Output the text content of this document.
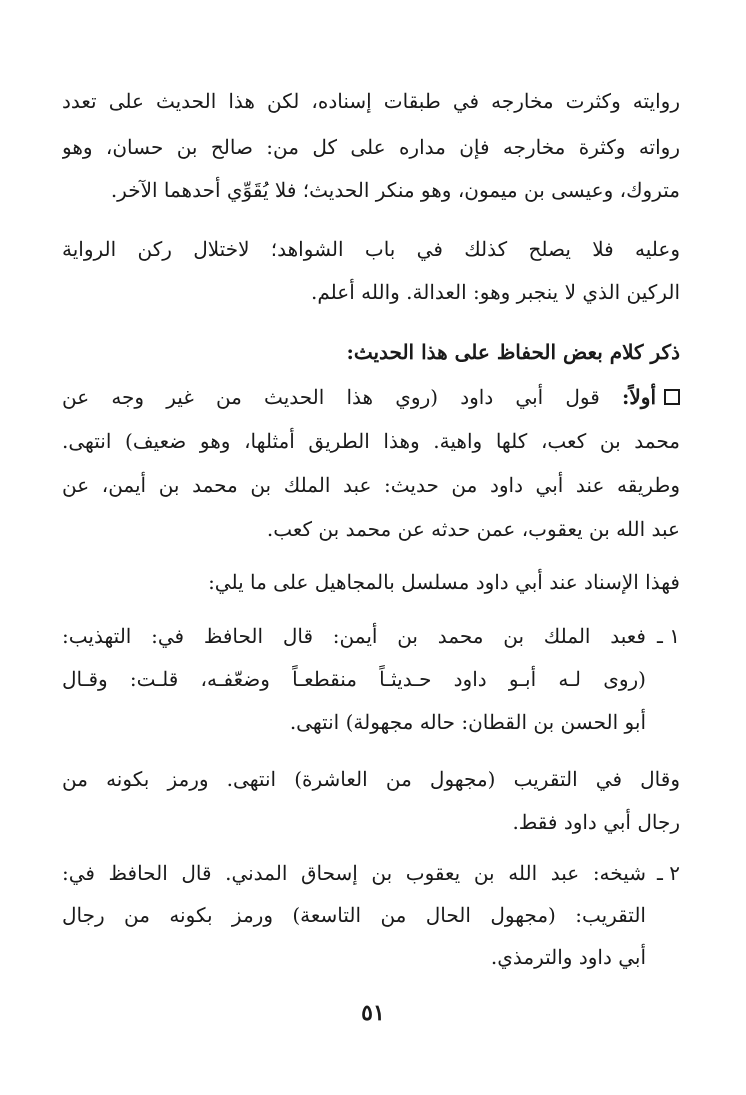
روايته وكثرت مخارجه في طبقات إسناده، لكن هذا الحديث على تعدد
رواته وكثرة مخارجه فإن مداره على كل من: صالح بن حسان، وهو
متروك، وعيسى بن ميمون، وهو منكر الحديث؛ فلا يُقَوِّي أحدهما الآخر.
وعليه فلا يصلح كذلك في باب الشواهد؛ لاختلال ركن الرواية
الركين الذي لا ينجبر وهو: العدالة. والله أعلم.
ذكر كلام بعض الحفاظ على هذا الحديث:
أولاً: قول أبي داود (روي هذا الحديث من غير وجه عن
محمد بن كعب، كلها واهية. وهذا الطريق أمثلها، وهو ضعيف) انتهى.
وطريقه عند أبي داود من حديث: عبد الملك بن محمد بن أيمن، عن
عبد الله بن يعقوب، عمن حدثه عن محمد بن كعب.
فهذا الإسناد عند أبي داود مسلسل بالمجاهيل على ما يلي:
١ ـ
فعبد الملك بن محمد بن أيمن: قال الحافظ في: التهذيب:
(روى لـه أبـو داود حـديثـاً منقطعـاً وضعّفـه، قلـت: وقـال
أبو الحسن بن القطان: حاله مجهولة) انتهى.
وقال في التقريب (مجهول من العاشرة) انتهى. ورمز بكونه من
رجال أبي داود فقط.
٢ ـ
شيخه: عبد الله بن يعقوب بن إسحاق المدني. قال الحافظ في:
التقريب: (مجهول الحال من التاسعة) ورمز بكونه من رجال
أبي داود والترمذي.
٥١
